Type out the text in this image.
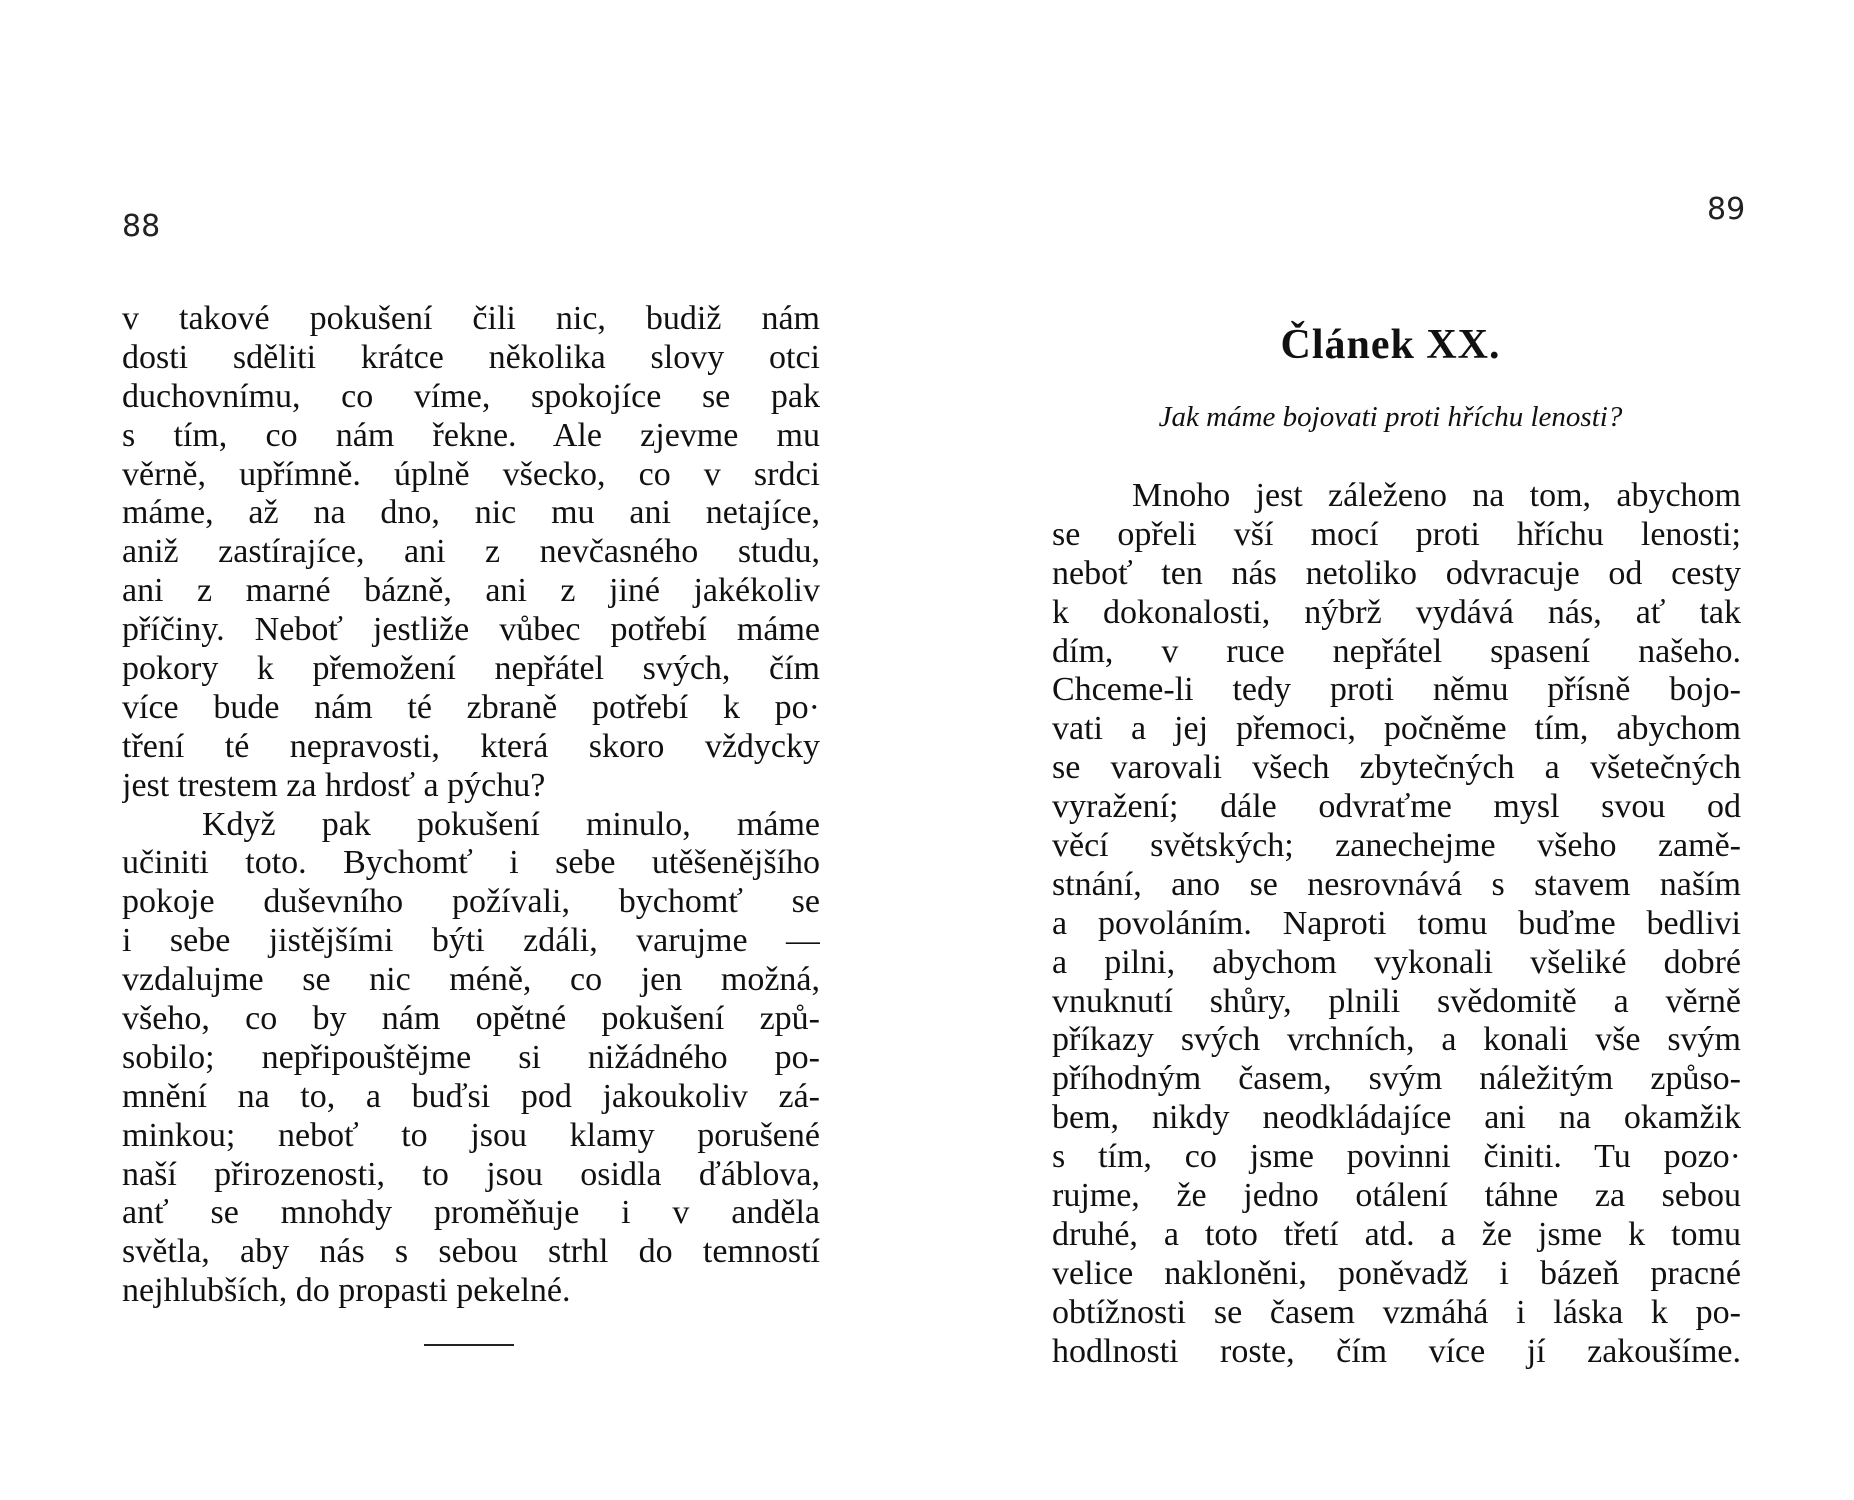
88
v takové pokušení čili nic, budiž nám
dosti sděliti krátce několika slovy otci
duchovnímu, co víme, spokojíce se pak
s tím, co nám řekne. Ale zjevme mu
věrně, upřímně. úplně všecko, co v srdci
máme, až na dno, nic mu ani netajíce,
aniž zastírajíce, ani z nevčasného studu,
ani z marné bázně, ani z jiné jakékoliv
příčiny. Neboť jestliže vůbec potřebí máme
pokory k přemožení nepřátel svých, čím
více bude nám té zbraně potřebí k po·
tření té nepravosti, která skoro vždycky
jest trestem za hrdosť a pýchu?
Když pak pokušení minulo, máme
učiniti toto. Bychomť i sebe utěšenějšího
pokoje duševního požívali, bychomť se
i sebe jistějšími býti zdáli, varujme —
vzdalujme se nic méně, co jen možná,
všeho, co by nám opětné pokušení způ-
sobilo; nepřipouštějme si nižádného po-
mnění na to, a buďsi pod jakoukoliv zá-
minkou; neboť to jsou klamy porušené
naší přirozenosti, to jsou osidla ďáblova,
anť se mnohdy proměňuje i v anděla
světla, aby nás s sebou strhl do temností
nejhlubších, do propasti pekelné.
89
Článek XX.
Jak máme bojovati proti hříchu lenosti?
Mnoho jest záleženo na tom, abychom
se opřeli vší mocí proti hříchu lenosti;
neboť ten nás netoliko odvracuje od cesty
k dokonalosti, nýbrž vydává nás, ať tak
dím, v ruce nepřátel spasení našeho.
Chceme-li tedy proti němu přísně bojo-
vati a jej přemoci, počněme tím, abychom
se varovali všech zbytečných a všetečných
vyražení; dále odvraťme mysl svou od
věcí světských; zanechejme všeho zamě-
stnání, ano se nesrovnává s stavem naším
a povoláním. Naproti tomu buďme bedlivi
a pilni, abychom vykonali všeliké dobré
vnuknutí shůry, plnili svědomitě a věrně
příkazy svých vrchních, a konali vše svým
příhodným časem, svým náležitým způso-
bem, nikdy neodkládajíce ani na okamžik
s tím, co jsme povinni činiti. Tu pozo·
rujme, že jedno otálení táhne za sebou
druhé, a toto třetí atd. a že jsme k tomu
velice nakloněni, poněvadž i bázeň pracné
obtížnosti se časem vzmáhá i láska k po-
hodlnosti roste, čím více jí zakoušíme.
